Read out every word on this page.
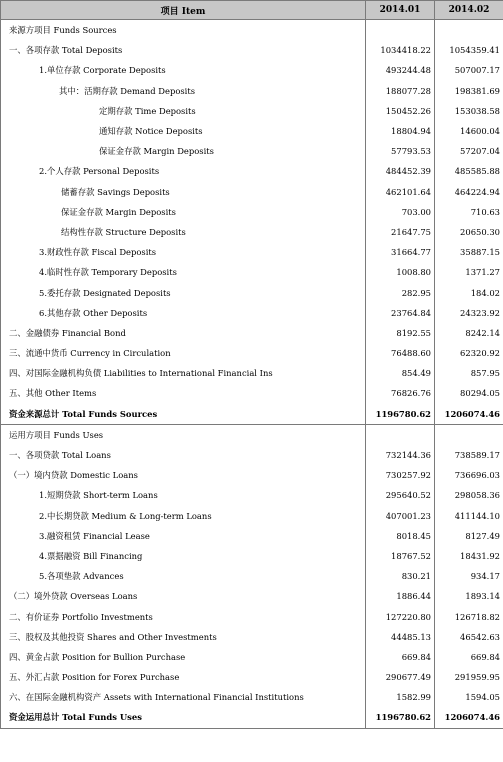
项目 Item	2014.01	2014.02
来源方项目 Funds Sources		
一、各项存款 Total Deposits	1034418.22	1054359.41
1.单位存款 Corporate Deposits	493244.48	507007.17
其中：活期存款 Demand Deposits	188077.28	198381.69
定期存款 Time Deposits	150452.26	153038.58
通知存款 Notice Deposits	18804.94	14600.04
保证金存款 Margin Deposits	57793.53	57207.04
2.个人存款 Personal Deposits	484452.39	485585.88
储蓄存款 Savings Deposits	462101.64	464224.94
保证金存款 Margin Deposits	703.00	710.63
结构性存款 Structure Deposits	21647.75	20650.30
3.财政性存款 Fiscal Deposits	31664.77	35887.15
4.临时性存款 Temporary Deposits	1008.80	1371.27
5.委托存款 Designated Deposits	282.95	184.02
6.其他存款 Other Deposits	23764.84	24323.92
二、金融债券 Financial Bond	8192.55	8242.14
三、流通中货币 Currency in Circulation	76488.60	62320.92
四、对国际金融机构负债 Liabilities to International Financial Ins	854.49	857.95
五、其他 Other Items	76826.76	80294.05
资金来源总计 Total Funds Sources	1196780.62	1206074.46
运用方项目 Funds Uses		
一、各项贷款 Total Loans	732144.36	738589.17
（一）境内贷款 Domestic Loans	730257.92	736696.03
1.短期贷款 Short-term Loans	295640.52	298058.36
2.中长期贷款 Medium & Long-term Loans	407001.23	411144.10
3.融资租赁 Financial Lease	8018.45	8127.49
4.票据融资 Bill Financing	18767.52	18431.92
5.各项垫款 Advances	830.21	934.17
（二）境外贷款 Overseas Loans	1886.44	1893.14
二、有价证券 Portfolio Investments	127220.80	126718.82
三、股权及其他投资 Shares and Other Investments	44485.13	46542.63
四、黄金占款 Position for Bullion Purchase	669.84	669.84
五、外汇占款 Position for Forex Purchase	290677.49	291959.95
六、在国际金融机构资产 Assets with International Financial Institutions	1582.99	1594.05
资金运用总计 Total Funds Uses	1196780.62	1206074.46
